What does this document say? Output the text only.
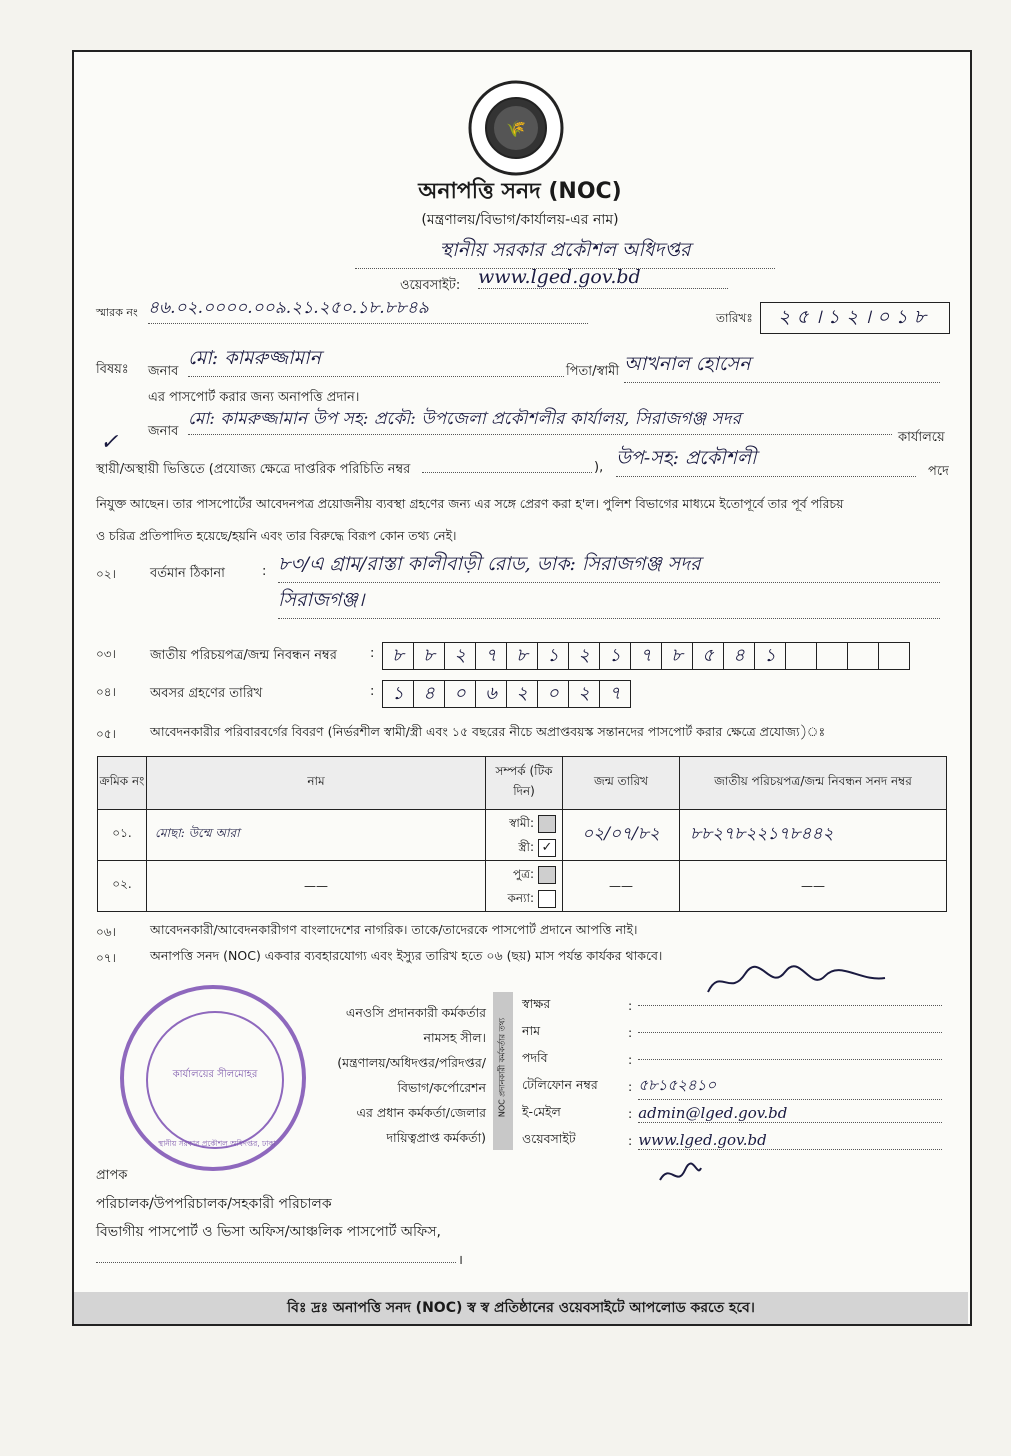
🌾
অনাপত্তি সনদ (NOC)
(মন্ত্রণালয়/বিভাগ/কার্যালয়-এর নাম)
স্থানীয় সরকার প্রকৌশল অধিদপ্তর
ওয়েবসাইট: www.lged.gov.bd
স্মারক নং ৪৬.০২.০০০০.০০৯.২১.২৫০.১৮.৮৮৪৯	তারিখঃ	২৫।১২।০১৮
বিষয়ঃ জনাব
মো: কামরুজ্জামান
পিতা/স্বামী আখনাল হোসেন
এর পাসপোর্ট করার জন্য অনাপত্তি প্রদান।
জনাব
মো: কামরুজ্জামান উপ সহ: প্রকৌ: উপজেলা প্রকৌশলীর কার্যালয়, সিরাজগঞ্জ সদর
কার্যালয়ে
✓
স্থায়ী/অস্থায়ী ভিত্তিতে (প্রযোজ্য ক্ষেত্রে দাপ্তরিক পরিচিতি নম্বর	), উপ-সহ: প্রকৌশলী
পদে
নিযুক্ত আছেন। তার পাসপোর্টের আবেদনপত্র প্রয়োজনীয় ব্যবস্থা গ্রহণের জন্য এর সঙ্গে প্রেরণ করা হ'ল। পুলিশ বিভাগের মাধ্যমে ইতোপূর্বে তার পূর্ব পরিচয়
ও চরিত্র প্রতিপাদিত হয়েছে/হয়নি এবং তার বিরুদ্ধে বিরূপ কোন তথ্য নেই।
০২।	বর্তমান ঠিকানা	: ৮৩/এ গ্রাম/রাস্তা কালীবাড়ী রোড, ডাক: সিরাজগঞ্জ সদর
সিরাজগঞ্জ।
০৩।	জাতীয় পরিচয়পত্র/জন্ম নিবন্ধন নম্বর	: ৮	৮	২	৭	৮	১	২	১	৭	৮	৫	৪	১
০৪।	অবসর গ্রহণের তারিখ	: ১	৪	০	৬	২	০	২	৭
০৫।	আবেদনকারীর পরিবারবর্গের বিবরণ (নির্ভরশীল স্বামী/স্ত্রী এবং ১৫ বছরের নীচে অপ্রাপ্তবয়স্ক সন্তানদের পাসপোর্ট করার ক্ষেত্রে প্রযোজ্য)ঃ
ক্রমিক নং	নাম	সম্পর্ক (টিক দিন)	জন্ম তারিখ	জাতীয় পরিচয়পত্র/জন্ম নিবন্ধন সনদ নম্বর
০১.	মোছা: উম্মে আরা	স্বামী:
স্ত্রী: ✓	০২/০৭/৮২	৮৮২৭৮২২১৭৮৪৪২
০২.	——	পুত্র:
কন্যা:	——	——
০৬।	আবেদনকারী/আবেদনকারীগণ বাংলাদেশের নাগরিক। তাকে/তাদেরকে পাসপোর্ট প্রদানে আপত্তি নাই।
০৭।	অনাপত্তি সনদ (NOC) একবার ব্যবহারযোগ্য এবং ইস্যুর তারিখ হতে ০৬ (ছয়) মাস পর্যন্ত কার্যকর থাকবে।
কার্যালয়ের সীলমোহর
স্থানীয় সরকার প্রকৌশল অধিদপ্তর, ঢাকা
এনওসি প্রদানকারী কর্মকর্তার
নামসহ সীল।
(মন্ত্রণালয়/অধিদপ্তর/পরিদপ্তর/
বিভাগ/কর্পোরেশন
এর প্রধান কর্মকর্তা/জেলার
দায়িত্বপ্রাপ্ত কর্মকর্তা)
NOC প্রদানকারী কর্মকর্তার তথ্য
স্বাক্ষর	:
নাম	:
পদবি	:
টেলিফোন নম্বর	: ৫৮১৫২৪১০
ই-মেইল	: admin@lged.gov.bd
ওয়েবসাইট	: www.lged.gov.bd
প্রাপক
পরিচালক/উপপরিচালক/সহকারী পরিচালক
বিভাগীয় পাসপোর্ট ও ভিসা অফিস/আঞ্চলিক পাসপোর্ট অফিস,
।
বিঃ দ্রঃ অনাপত্তি সনদ (NOC) স্ব স্ব প্রতিষ্ঠানের ওয়েবসাইটে আপলোড করতে হবে।
